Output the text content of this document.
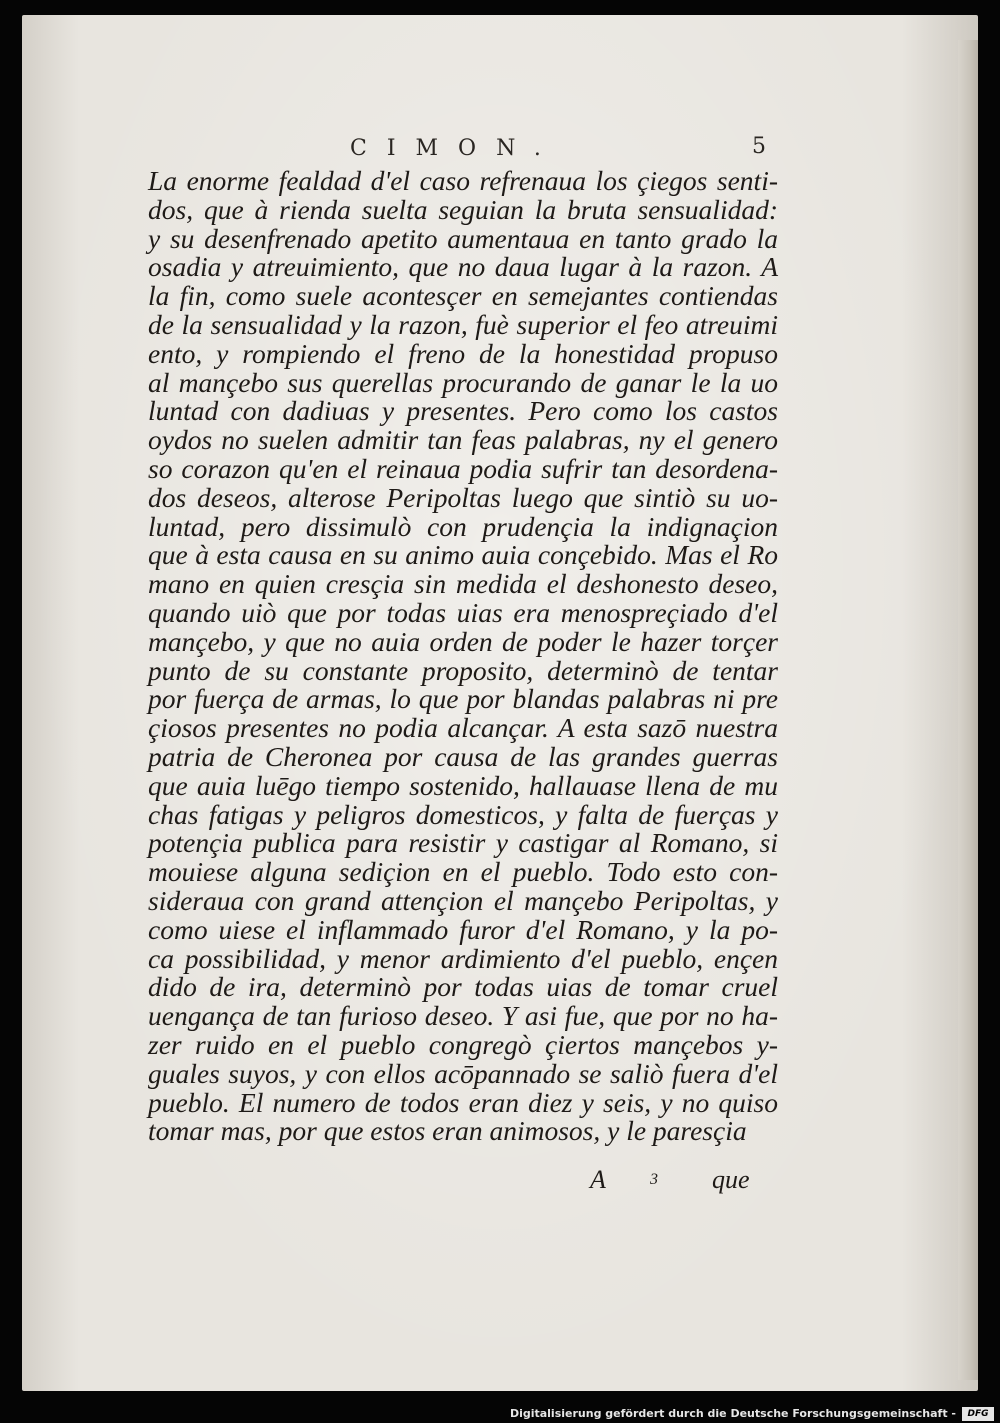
CIMON.	5
La enorme fealdad d'el caso refrenaua los çiegos senti-
dos, que à rienda suelta seguian la bruta sensualidad:
y su desenfrenado apetito aumentaua en tanto grado la
osadia y atreuimiento, que no daua lugar à la razon. A
la fin, como suele acontesçer en semejantes contiendas
de la sensualidad y la razon, fuè superior el feo atreuimi
ento, y rompiendo el freno de la honestidad propuso
al mançebo sus querellas procurando de ganar le la uo
luntad con dadiuas y presentes. Pero como los castos
oydos no suelen admitir tan feas palabras, ny el genero
so corazon qu'en el reinaua podia sufrir tan desordena-
dos deseos, alterose Peripoltas luego que sintiò su uo-
luntad, pero dissimulò con prudençia la indignaçion
que à esta causa en su animo auia conçebido. Mas el Ro
mano en quien cresçia sin medida el deshonesto deseo,
quando uiò que por todas uias era menospreçiado d'el
mançebo, y que no auia orden de poder le hazer torçer
punto de su constante proposito, determinò de tentar
por fuerça de armas, lo que por blandas palabras ni pre
çiosos presentes no podia alcançar. A esta sazō nuestra
patria de Cheronea por causa de las grandes guerras
que auia luēgo tiempo sostenido, hallauase llena de mu
chas fatigas y peligros domesticos, y falta de fuerças y
potençia publica para resistir y castigar al Romano, si
mouiese alguna sediçion en el pueblo. Todo esto con-
sideraua con grand attençion el mançebo Peripoltas, y
como uiese el inflammado furor d'el Romano, y la po-
ca possibilidad, y menor ardimiento d'el pueblo, ençen
dido de ira, determinò por todas uias de tomar cruel
uengança de tan furioso deseo. Y asi fue, que por no ha-
zer ruido en el pueblo congregò çiertos mançebos y-
guales suyos, y con ellos acōpannado se saliò fuera d'el
pueblo. El numero de todos eran diez y seis, y no quiso
tomar mas, por que estos eran animosos, y le paresçia
A	3 que
Digitalisierung gefördert durch die Deutsche Forschungsgemeinschaft -	DFG
